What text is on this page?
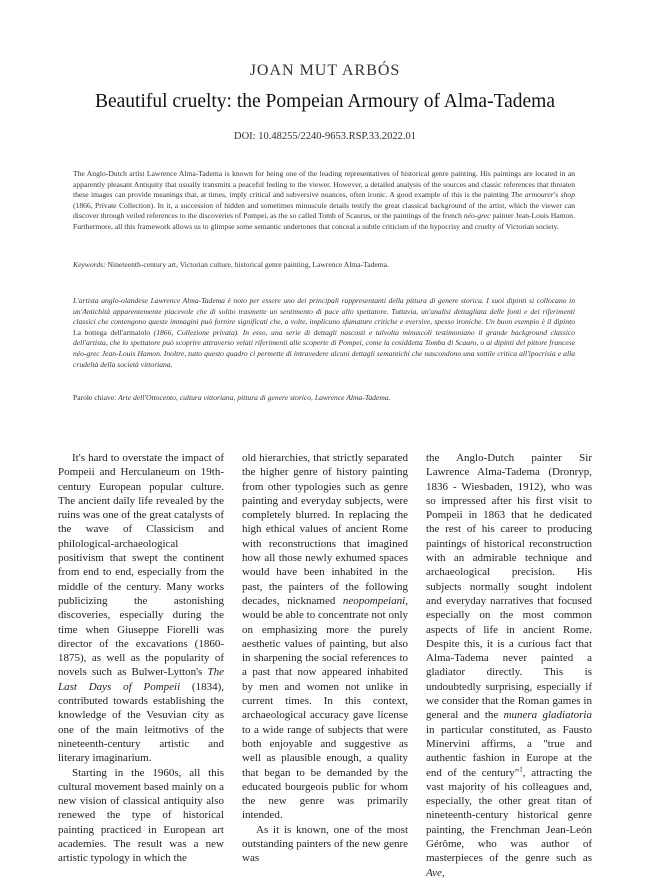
JOAN MUT ARBÓS
Beautiful cruelty: the Pompeian Armoury of Alma-Tadema
DOI: 10.48255/2240-9653.RSP.33.2022.01
The Anglo-Dutch artist Lawrence Alma-Tadema is known for being one of the leading representatives of historical genre painting. His paintings are located in an apparently pleasant Antiquity that usually transmits a peaceful feeling to the viewer. However, a detailed analysis of the sources and classic references that threaten these images can provide meanings that, at times, imply critical and subversive nuances, often ironic. A good example of this is the painting The armourer's shop (1866, Private Collection). In it, a succession of hidden and sometimes minuscule details testify the great classical background of the artist, which the viewer can discover through veiled references to the discoveries of Pompei, as the so called Tomb of Scaurus, or the paintings of the french néo-grec painter Jean-Louis Hamon. Furthermore, all this framework allows us to glimpse some semantic undertones that conceal a subtle criticism of the hypocrisy and cruelty of Victorian society.
Keywords: Nineteenth-century art, Victorian culture, historical genre painting, Lawrence Alma-Tadema.
L'artista anglo-olandese Lawrence Alma-Tadema è noto per essere uno dei principali rappresentanti della pittura di genere storica. I suoi dipinti si collocano in un'Antichità apparentemente piacevole che di solito trasmette un sentimento di pace allo spettatore. Tuttavia, un'analisi dettagliata delle fonti e dei riferimenti classici che contengono queste immagini può fornire significati che, a volte, implicano sfumature critiche e eversive, spesso ironiche. Un buon esempio è il dipinto La bottega dell'armaiolo (1866, Collezione privata). In esso, una serie di dettagli nascosti e talvolta minuscoli testimoniano il grande background classico dell'artista, che lo spettatore può scoprire attraverso velati riferimenti alle scoperte di Pompei, come la cosiddetta Tomba di Scauro, o ai dipinti del pittore francese néo-grec Jean-Louis Hamon. Inoltre, tutto questo quadro ci permette di intravedere alcuni dettagli semantichi che nascondono una sottile critica all'ipocrisia e alla crudeltà della società vittoriana.
Parole chiave: Arte dell'Ottocento, cultura vittoriana, pittura di genere storico, Lawrence Alma-Tadema.

It's hard to overstate the impact of Pompeii and Herculaneum on 19th-century European popular culture. The ancient daily life revealed by the ruins was one of the great catalysts of the wave of Classicism and philological-archaeological positivism that swept the continent from end to end, especially from the middle of the century. Many works publicizing the astonishing discoveries, especially during the time when Giuseppe Fiorelli was director of the excavations (1860-1875), as well as the popularity of novels such as Bulwer-Lytton's The Last Days of Pompeii (1834), contributed towards establishing the knowledge of the Vesuvian city as one of the main leitmotivs of the nineteenth-century artistic and literary imaginarium.

Starting in the 1960s, all this cultural movement based mainly on a new vision of classical antiquity also renewed the type of historical painting practiced in European art academies. The result was a new artistic typology in which the

old hierarchies, that strictly separated the higher genre of history painting from other typologies such as genre painting and everyday subjects, were completely blurred. In replacing the high ethical values of ancient Rome with reconstructions that imagined how all those newly exhumed spaces would have been inhabited in the past, the painters of the following decades, nicknamed neopompeiani, would be able to concentrate not only on emphasizing more the purely aesthetic values of painting, but also in sharpening the social references to a past that now appeared inhabited by men and women not unlike in current times. In this context, archaeological accuracy gave license to a wide range of subjects that were both enjoyable and suggestive as well as plausible enough, a quality that began to be demanded by the educated bourgeois public for whom the new genre was primarily intended.

As it is known, one of the most outstanding painters of the new genre was

the Anglo-Dutch painter Sir Lawrence Alma-Tadema (Dronryp, 1836 - Wiesbaden, 1912), who was so impressed after his first visit to Pompeii in 1863 that he dedicated the rest of his career to producing paintings of historical reconstruction with an admirable technique and archaeological precision. His subjects normally sought indolent and everyday narratives that focused especially on the most common aspects of life in ancient Rome. Despite this, it is a curious fact that Alma-Tadema never painted a gladiator directly. This is undoubtedly surprising, especially if we consider that the Roman games in general and the munera gladiatoria in particular constituted, as Fausto Minervini affirms, a "true and authentic fashion in Europe at the end of the century"$^1$, attracting the vast majority of his colleagues and, especially, the other great titan of nineteenth-century historical genre painting, the Frenchman Jean-León Gérôme, who was author of masterpieces of the genre such as Ave,
